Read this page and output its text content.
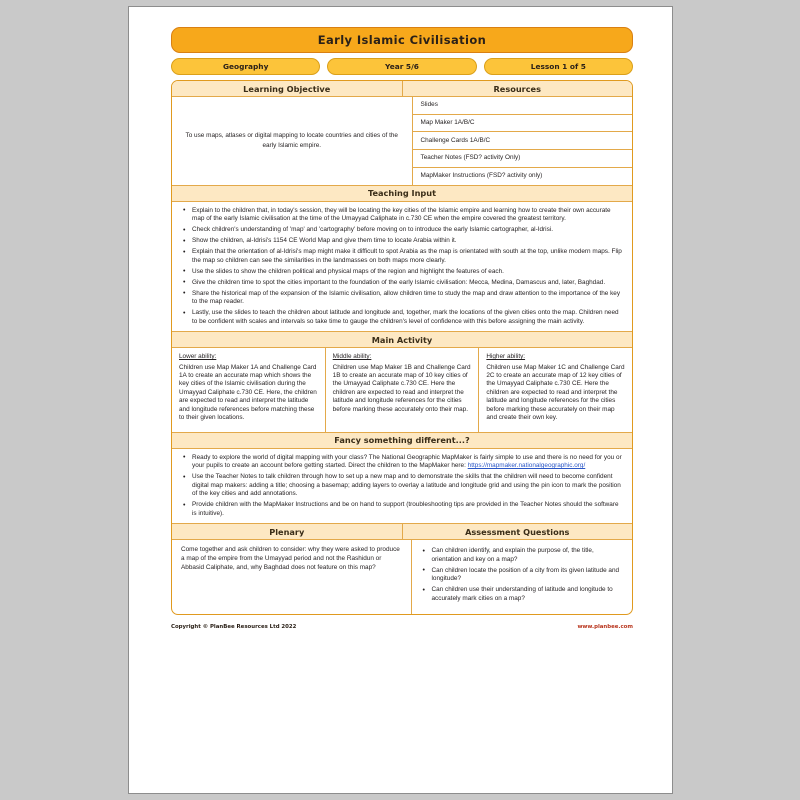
Early Islamic Civilisation
Geography	Year 5/6	Lesson 1 of 5
Learning Objective	Resources
To use maps, atlases or digital mapping to locate countries and cities of the early Islamic empire.
Slides
Map Maker 1A/B/C
Challenge Cards 1A/B/C
Teacher Notes (FSD? activity Only)
MapMaker Instructions (FSD? activity only)
Teaching Input
• Explain to the children that, in today's session, they will be locating the key cities of the Islamic empire and learning how to create their own accurate map of the early Islamic civilisation at the time of the Umayyad Caliphate in c.730 CE when the empire covered the greatest territory.
• Check children's understanding of 'map' and 'cartography' before moving on to introduce the early Islamic cartographer, al-Idrisi.
• Show the children, al-Idrisi's 1154 CE World Map and give them time to locate Arabia within it.
• Explain that the orientation of al-Idrisi's map might make it difficult to spot Arabia as the map is orientated with south at the top, unlike modern maps. Flip the map so children can see the similarities in the landmasses on both maps more clearly.
• Use the slides to show the children political and physical maps of the region and highlight the features of each.
• Give the children time to spot the cities important to the foundation of the early Islamic civilisation: Mecca, Medina, Damascus and, later, Baghdad.
• Share the historical map of the expansion of the Islamic civilisation, allow children time to study the map and draw attention to the importance of the key to the map reader.
• Lastly, use the slides to teach the children about latitude and longitude and, together, mark the locations of the given cities onto the map. Children need to be confident with scales and intervals so take time to gauge the children's level of confidence with this before assigning the main activity.
Main Activity
Lower ability:
Children use Map Maker 1A and Challenge Card 1A to create an accurate map which shows the key cities of the Islamic civilisation during the Umayyad Caliphate c.730 CE. Here, the children are expected to read and interpret the latitude and longitude references before matching these to their given locations.
Middle ability:
Children use Map Maker 1B and Challenge Card 1B to create an accurate map of 10 key cities of the Umayyad Caliphate c.730 CE. Here the children are expected to read and interpret the latitude and longitude references for the cities before marking these accurately onto their map.
Higher ability:
Children use Map Maker 1C and Challenge Card 2C to create an accurate map of 12 key cities of the Umayyad Caliphate c.730 CE. Here the children are expected to read and interpret the latitude and longitude references for the cities before marking these accurately on their map and create their own key.
Fancy something different...?
• Ready to explore the world of digital mapping with your class? The National Geographic MapMaker is fairly simple to use and there is no need for you or your pupils to create an account before getting started. Direct the children to the MapMaker here: https://mapmaker.nationalgeographic.org/
• Use the Teacher Notes to talk children through how to set up a new map and to demonstrate the skills that the children will need to become confident digital map makers: adding a title; choosing a basemap; adding layers to overlay a latitude and longitude grid and using the pin icon to mark the position of the key cities and add annotations.
• Provide children with the MapMaker Instructions and be on hand to support (troubleshooting tips are provided in the Teacher Notes should the software is intuitive).
Plenary	Assessment Questions
Come together and ask children to consider: why they were asked to produce a map of the empire from the Umayyad period and not the Rashidun or Abbasid Caliphate, and, why Baghdad does not feature on this map?
• Can children identify, and explain the purpose of, the title, orientation and key on a map?
• Can children locate the position of a city from its given latitude and longitude?
• Can children use their understanding of latitude and longitude to accurately mark cities on a map?
Copyright © PlanBee Resources Ltd 2022	www.planbee.com
